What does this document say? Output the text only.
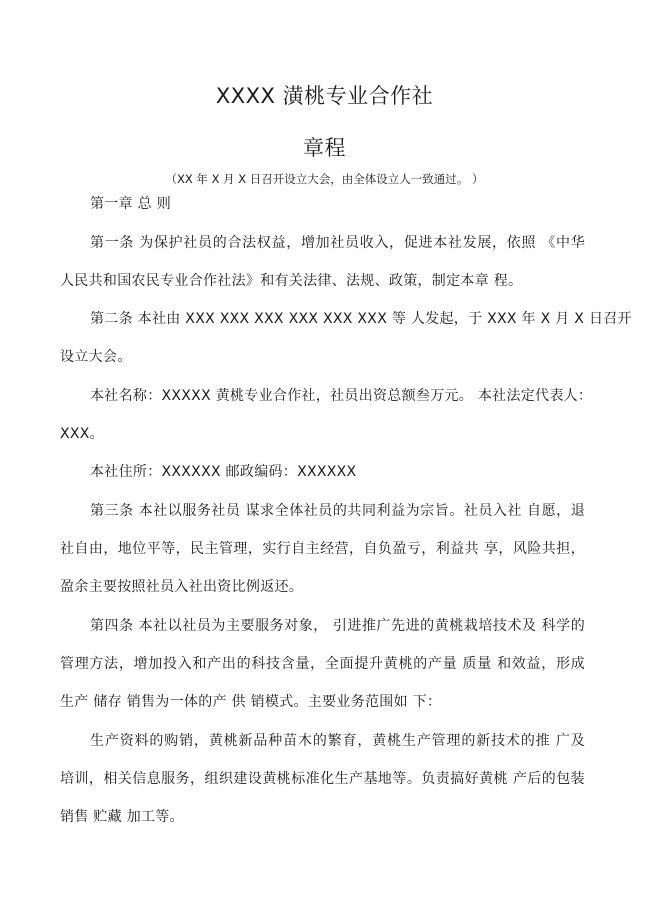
XXXX 潢桃专业合作社
章程

（XX 年 X 月 X 日召开设立大会，由全体设立人一致通过。 ）

第一章 总 则

第一条 为保护社员的合法权益，增加社员收入，促进本社发展，依照 《中华

人民共和国农民专业合作社法》和有关法律、法规、政策，制定本章 程。

第二条 本社由 XXX XXX XXX XXX XXX XXX 等 人发起，于 XXX 年 X 月 X 日召开

设立大会。

本社名称：XXXXX 黄桃专业合作社，社员出资总额叁万元。 本社法定代表人：

XXX。

本社住所：XXXXXX 邮政编码：XXXXXX

第三条 本社以服务社员 谋求全体社员的共同利益为宗旨。社员入社 自愿，退

社自由，地位平等，民主管理，实行自主经营，自负盈亏，利益共 享，风险共担，

盈余主要按照社员入社出资比例返还。

第四条 本社以社员为主要服务对象， 引进推广先进的黄桃栽培技术及 科学的

管理方法，增加投入和产出的科技含量，全面提升黄桃的产量 质量 和效益，形成

生产 储存 销售为一体的产 供 销模式。主要业务范围如 下：

生产资料的购销，黄桃新品种苗木的繁育，黄桃生产管理的新技术的推 广及

培训，相关信息服务，组织建设黄桃标准化生产基地等。负责搞好黄桃 产后的包装

销售 贮藏 加工等。
